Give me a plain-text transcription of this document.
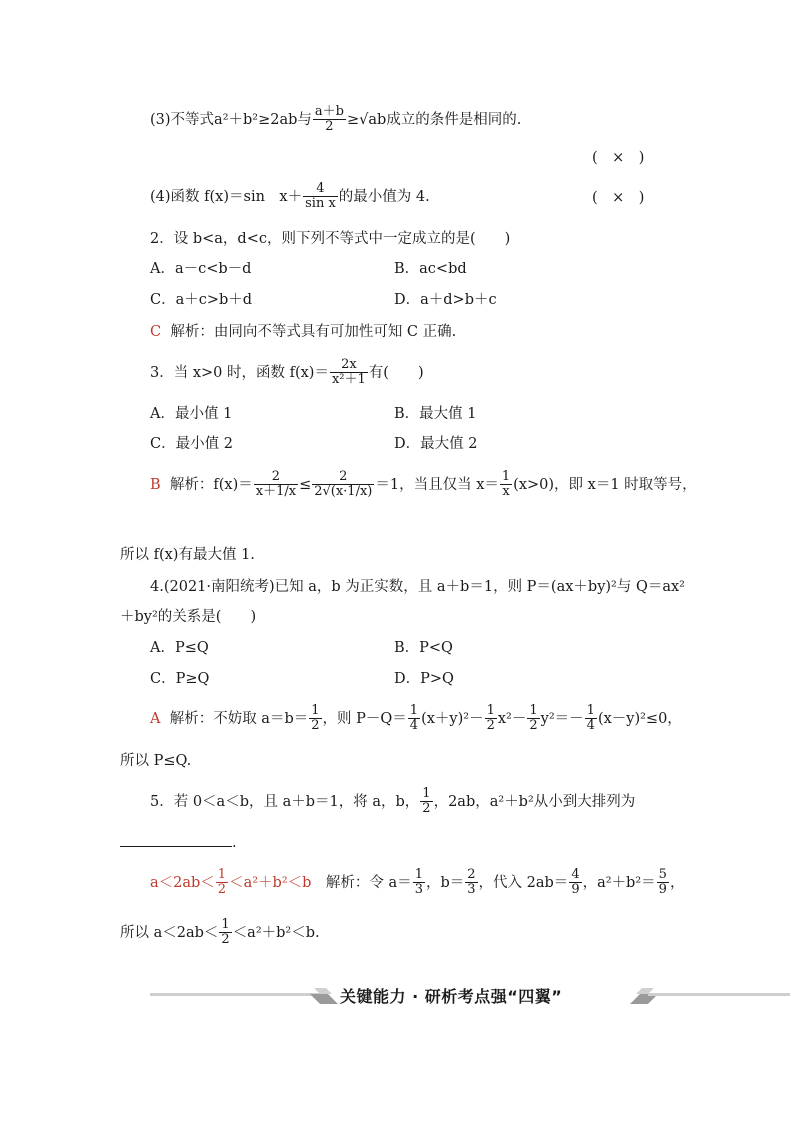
(3)不等式a²＋b²≥2ab与 $\frac{a+b}{2} \ge√ab$成立的条件是相同的.
(　×　)
(4)函数 f(x)＝sin　$x+ \frac{4}{\text{sin x}}$ 的最小值为 4.	(　×　)
2．设 b<a，d<c，则下列不等式中一定成立的是(　　)
A．a－c<b－d	B．ac<bd
C．a＋c>b＋d	D．a＋d>b＋c
C 解析：由同向不等式具有可加性可知 C 正确.
3．当 x>0 时，函数 $f(x)= \frac{2x}{\text{x²＋1}}$ 有(　　)
A．最小值 1	B．最大值 1
C．最小值 2	D．最大值 2
B 解析：$f(x)= \frac{2}{x+1/x} \le \frac{2}{2√(x\cdot 1/x)} =1$，当且仅当 $x= \frac{1}{x} (x>0)$，即 x＝1 时取等号，
所以 f(x)有最大值 1.
4.(2021·南阳统考)已知 a，b 为正实数，且 a＋b＝1，则 P＝(ax＋by)²与 Q＝ax²
＋by²的关系是(　　)
A．P≤Q	B．P<Q
C．P≥Q	D．P>Q
A 解析：不妨取 $a=b= \frac{1}{2}$ ，则 $P-Q= \frac{1}{4} (x+y)^2- \frac{1}{2} x^2- \frac{1}{2} y^2=- \frac{1}{4} (x-y)^2\le 0$，
所以 P≤Q.
5．若 0＜a＜b，且 a＋b＝1，将 a，b， $\frac{1}{2}$ ，2ab，a²＋b²从小到大排列为
.
$a<2ab< \frac{1}{2} <a^2+b^2<b$　解析：令 $a= \frac{1}{3}$ ，$b= \frac{2}{3}$ ，代入 $2ab= \frac{4}{9}$ ，$a^2+b^2= \frac{5}{9}$ ，
所以 $a<2ab< \frac{1}{2} <a^2+b^2<b$.
关键能力 · 研析考点强“四翼”
